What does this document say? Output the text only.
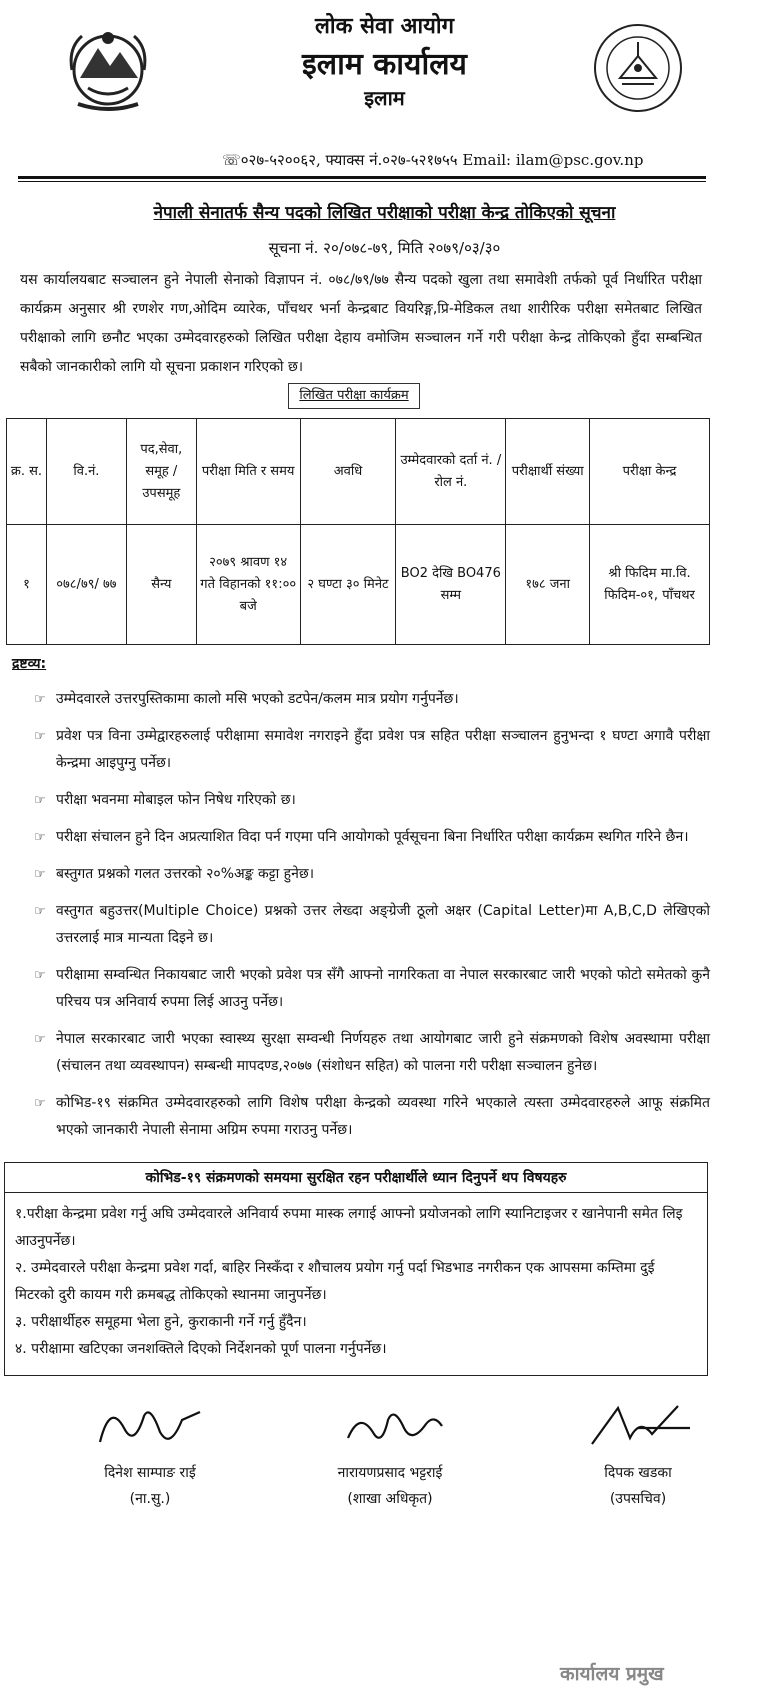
लोक सेवा आयोग
इलाम कार्यालय
इलाम
☏०२७-५२००६२, फ्याक्स नं.०२७-५२१७५५ Email: ilam@psc.gov.np
नेपाली सेनातर्फ सैन्य पदको लिखित परीक्षाको परीक्षा केन्द्र तोकिएको सूचना
सूचना नं. २०/०७८-७९, मिति २०७९/०३/३०

यस कार्यालयबाट सञ्चालन हुने नेपाली सेनाको विज्ञापन नं. ०७८/७९/७७ सैन्य पदको खुला तथा समावेशी तर्फको पूर्व निर्धारित परीक्षा कार्यक्रम अनुसार श्री रणशेर गण,ओदिम व्यारेक, पाँचथर भर्ना केन्द्रबाट वियरिङ्ग,प्रि-मेडिकल तथा शारीरिक परीक्षा समेतबाट लिखित परीक्षाको लागि छनौट भएका उम्मेदवारहरुको लिखित परीक्षा देहाय वमोजिम सञ्चालन गर्ने गरी परीक्षा केन्द्र तोकिएको हुँदा सम्बन्धित सबैको जानकारीको लागि यो सूचना प्रकाशन गरिएको छ।

लिखित परीक्षा कार्यक्रम
क्र. स.	वि.नं.	पद,सेवा, समूह / उपसमूह	परीक्षा मिति र समय	अवधि	उम्मेदवारको दर्ता नं. / रोल नं.	परीक्षार्थी संख्या	परीक्षा केन्द्र
१	०७८/७९/ ७७	सैन्य	२०७९ श्रावण १४ गते विहानको ११:०० बजे	२ घण्टा ३० मिनेट	BO2 देखि BO476 सम्म	१७८ जना	श्री फिदिम मा.वि. फिदिम-०१, पाँचथर
द्रष्टव्य:
☞ उम्मेदवारले उत्तरपुस्तिकामा कालो मसि भएको डटपेन/कलम मात्र प्रयोग गर्नुपर्नेछ।
☞ प्रवेश पत्र विना उम्मेद्वारहरुलाई परीक्षामा समावेश नगराइने हुँदा प्रवेश पत्र सहित परीक्षा सञ्चालन हुनुभन्दा १ घण्टा अगावै परीक्षा केन्द्रमा आइपुग्नु पर्नेछ।
☞ परीक्षा भवनमा मोबाइल फोन निषेध गरिएको छ।
☞ परीक्षा संचालन हुने दिन अप्रत्याशित विदा पर्न गएमा पनि आयोगको पूर्वसूचना बिना निर्धारित परीक्षा कार्यक्रम स्थगित गरिने छैन।
☞ बस्तुगत प्रश्नको गलत उत्तरको २०%अङ्क कट्टा हुनेछ।
☞ वस्तुगत बहुउत्तर(Multiple Choice) प्रश्नको उत्तर लेख्दा अङ्ग्रेजी ठूलो अक्षर (Capital Letter)मा A,B,C,D लेखिएको उत्तरलाई मात्र मान्यता दिइने छ।
☞ परीक्षामा सम्वन्धित निकायबाट जारी भएको प्रवेश पत्र सँगै आफ्नो नागरिकता वा नेपाल सरकारबाट जारी भएको फोटो समेतको कुनै परिचय पत्र अनिवार्य रुपमा लिई आउनु पर्नेछ।
☞ नेपाल सरकारबाट जारी भएका स्वास्थ्य सुरक्षा सम्वन्धी निर्णयहरु तथा आयोगबाट जारी हुने संक्रमणको विशेष अवस्थामा परीक्षा (संचालन तथा व्यवस्थापन) सम्बन्धी मापदण्ड,२०७७ (संशोधन सहित) को पालना गरी परीक्षा सञ्चालन हुनेछ।
☞ कोभिड-१९ संक्रमित उम्मेदवारहरुको लागि विशेष परीक्षा केन्द्रको व्यवस्था गरिने भएकाले त्यस्ता उम्मेदवारहरुले आफू संक्रमित भएको जानकारी नेपाली सेनामा अग्रिम रुपमा गराउनु पर्नेछ।
कोभिड-१९ संक्रमणको समयमा सुरक्षित रहन परीक्षार्थीले ध्यान दिनुपर्ने थप विषयहरु
१.परीक्षा केन्द्रमा प्रवेश गर्नु अघि उम्मेदवारले अनिवार्य रुपमा मास्क लगाई आफ्नो प्रयोजनको लागि स्यानिटाइजर र खानेपानी समेत लिइ आउनुपर्नेछ।
२. उम्मेदवारले परीक्षा केन्द्रमा प्रवेश गर्दा, बाहिर निस्कँदा र शौचालय प्रयोग गर्नु पर्दा भिडभाड नगरीकन एक आपसमा कम्तिमा दुई मिटरको दुरी कायम गरी क्रमबद्ध तोकिएको स्थानमा जानुपर्नेछ।
३. परीक्षार्थीहरु समूहमा भेला हुने, कुराकानी गर्ने गर्नु हुँदैन।
४. परीक्षामा खटिएका जनशक्तिले दिएको निर्देशनको पूर्ण पालना गर्नुपर्नेछ।
दिनेश साम्पाङ राई
(ना.सु.)
नारायणप्रसाद भट्टराई
(शाखा अधिकृत)
दिपक खडका
(उपसचिव)
कार्यालय प्रमुख
